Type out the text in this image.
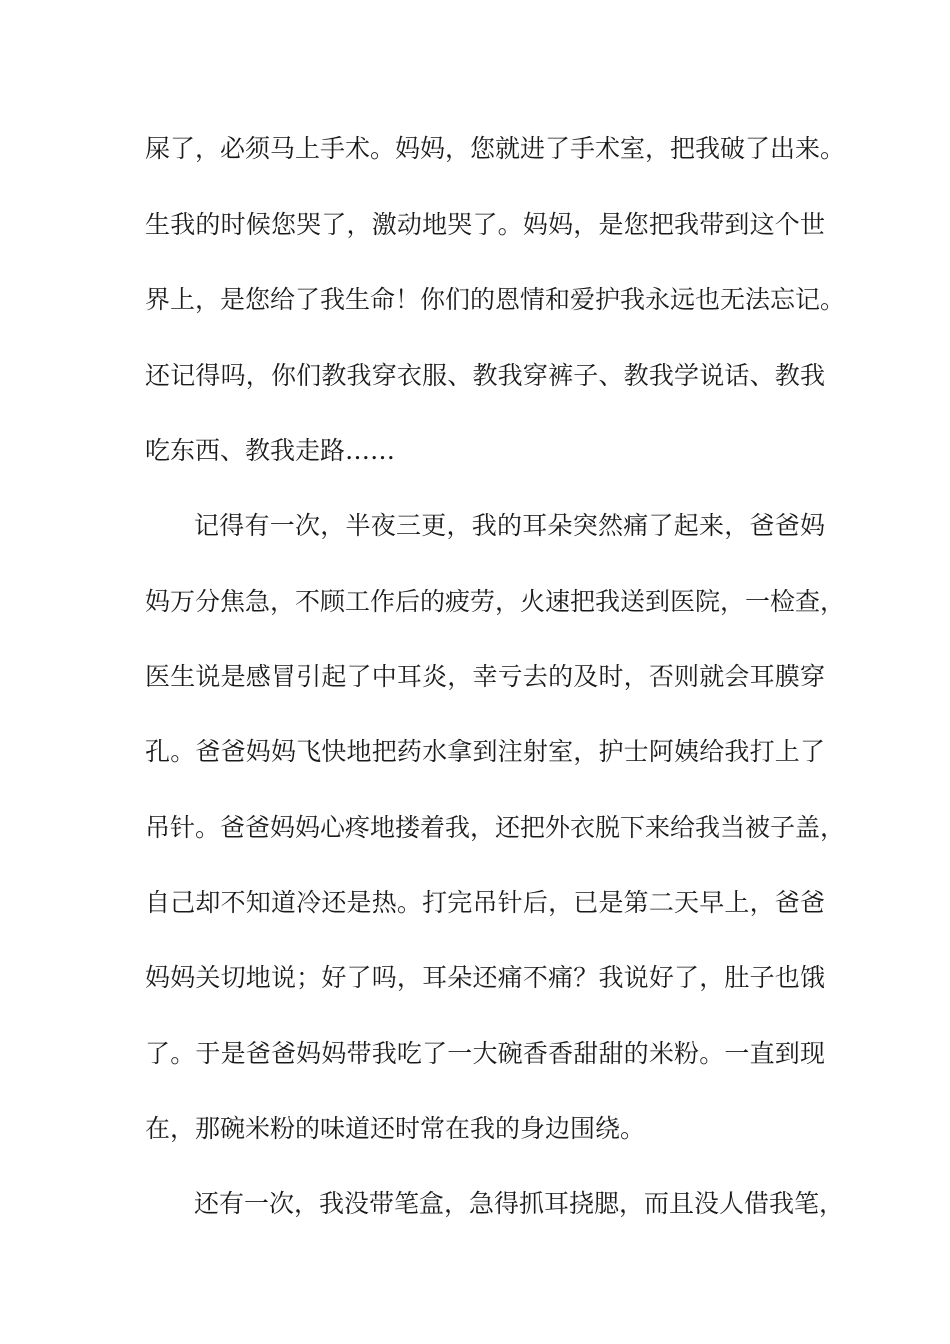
屎了，必须马上手术。妈妈，您就进了手术室，把我破了出来。
生我的时候您哭了，激动地哭了。妈妈，是您把我带到这个世
界上，是您给了我生命！你们的恩情和爱护我永远也无法忘记。
还记得吗，你们教我穿衣服、教我穿裤子、教我学说话、教我
吃东西、教我走路……
记得有一次，半夜三更，我的耳朵突然痛了起来，爸爸妈
妈万分焦急，不顾工作后的疲劳，火速把我送到医院，一检查，
医生说是感冒引起了中耳炎，幸亏去的及时，否则就会耳膜穿
孔。爸爸妈妈飞快地把药水拿到注射室，护士阿姨给我打上了
吊针。爸爸妈妈心疼地搂着我，还把外衣脱下来给我当被子盖，
自己却不知道冷还是热。打完吊针后，已是第二天早上，爸爸
妈妈关切地说；好了吗，耳朵还痛不痛？我说好了，肚子也饿
了。于是爸爸妈妈带我吃了一大碗香香甜甜的米粉。一直到现
在，那碗米粉的味道还时常在我的身边围绕。
还有一次，我没带笔盒，急得抓耳挠腮，而且没人借我笔，
